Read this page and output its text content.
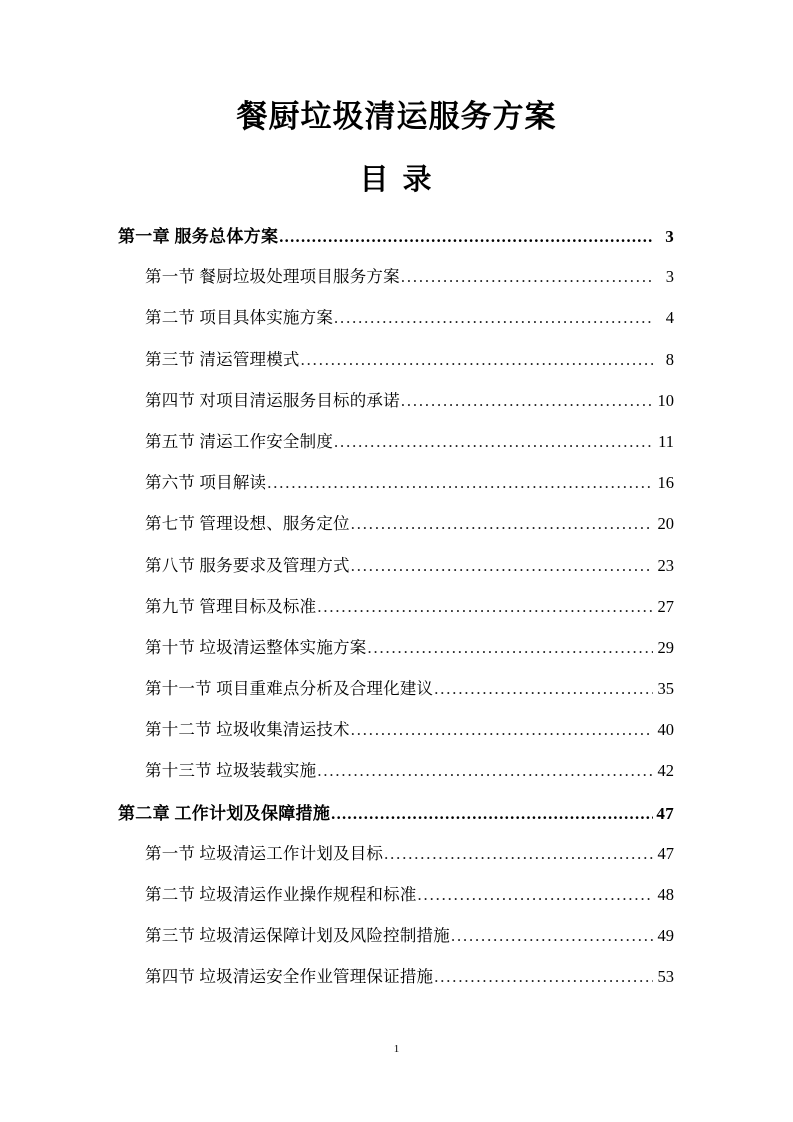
餐厨垃圾清运服务方案
目 录
第一章 服务总体方案 .....	3
第一节 餐厨垃圾处理项目服务方案 .....	3
第二节 项目具体实施方案 .....	4
第三节 清运管理模式 .....	8
第四节 对项目清运服务目标的承诺 .....	10
第五节 清运工作安全制度 .....	11
第六节 项目解读 .....	16
第七节 管理设想、服务定位 .....	20
第八节 服务要求及管理方式 .....	23
第九节 管理目标及标准 .....	27
第十节 垃圾清运整体实施方案 .....	29
第十一节 项目重难点分析及合理化建议 .....	35
第十二节 垃圾收集清运技术 .....	40
第十三节 垃圾装载实施 .....	42
第二章 工作计划及保障措施 .....	47
第一节 垃圾清运工作计划及目标 .....	47
第二节 垃圾清运作业操作规程和标准 .....	48
第三节 垃圾清运保障计划及风险控制措施 .....	49
第四节 垃圾清运安全作业管理保证措施 .....	53
1
